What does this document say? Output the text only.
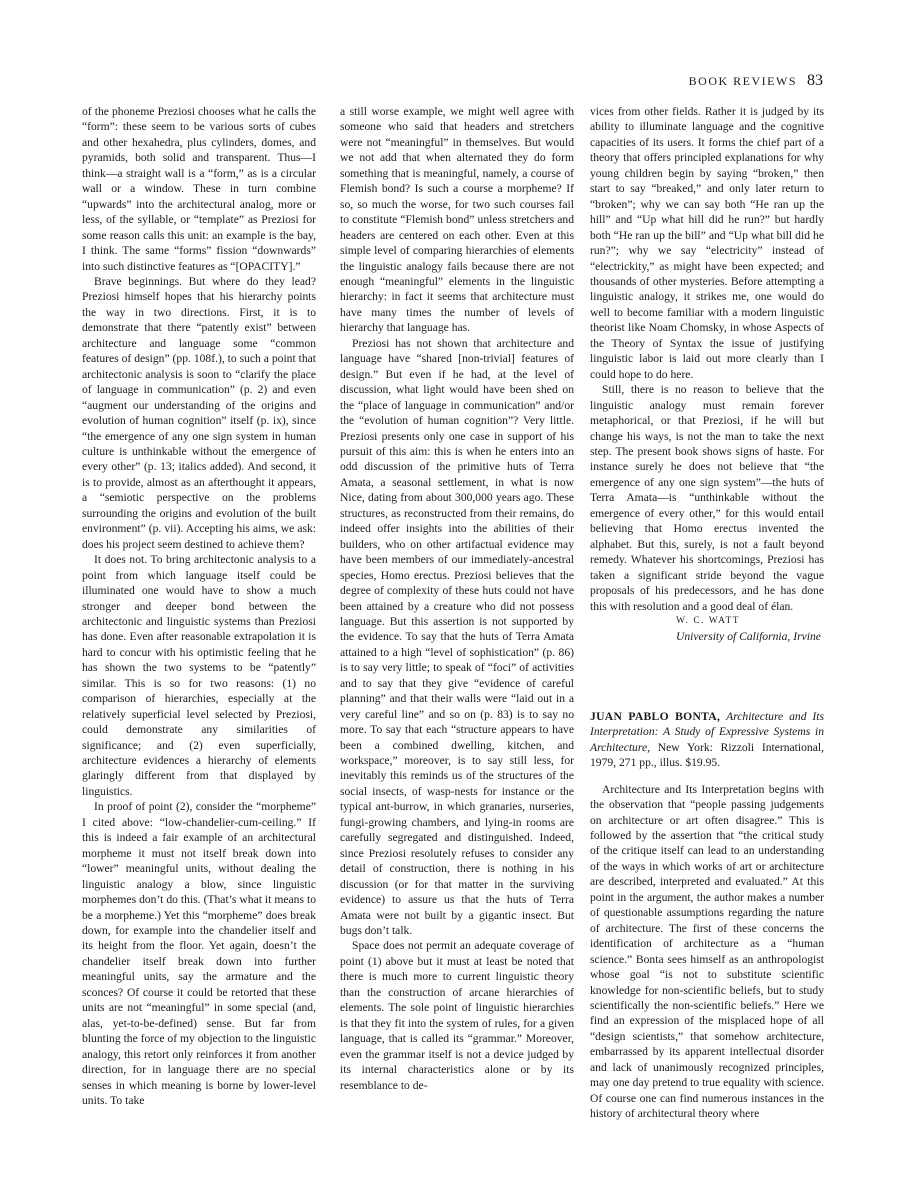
BOOK REVIEWS 83

of the phoneme Preziosi chooses what he calls the “form”: these seem to be various sorts of cubes and other hexahedra, plus cylinders, domes, and pyramids, both solid and transparent. Thus—I think—a straight wall is a “form,” as is a circular wall or a window. These in turn combine “upwards” into the architectural analog, more or less, of the syllable, or “template” as Preziosi for some reason calls this unit: an example is the bay, I think. The same “forms” fission “downwards” into such distinctive features as “[OPACITY].”

Brave beginnings. But where do they lead? Preziosi himself hopes that his hierarchy points the way in two directions. First, it is to demonstrate that there “patently exist” between architecture and language some “common features of design” (pp. 108f.), to such a point that architectonic analysis is soon to “clarify the place of language in communication” (p. 2) and even “augment our understanding of the origins and evolution of human cognition” itself (p. ix), since “the emergence of any one sign system in human culture is unthinkable without the emergence of every other” (p. 13; italics added). And second, it is to provide, almost as an afterthought it appears, a “semiotic perspective on the problems surrounding the origins and evolution of the built environment” (p. vii). Accepting his aims, we ask: does his project seem destined to achieve them?

It does not. To bring architectonic analysis to a point from which language itself could be illuminated one would have to show a much stronger and deeper bond between the architectonic and linguistic systems than Preziosi has done. Even after reasonable extrapolation it is hard to concur with his optimistic feeling that he has shown the two systems to be “patently” similar. This is so for two reasons: (1) no comparison of hierarchies, especially at the relatively superficial level selected by Preziosi, could demonstrate any similarities of significance; and (2) even superficially, architecture evidences a hierarchy of elements glaringly different from that displayed by linguistics.

In proof of point (2), consider the “morpheme” I cited above: “low-chandelier-cum-ceiling.” If this is indeed a fair example of an architectural morpheme it must not itself break down into “lower” meaningful units, without dealing the linguistic analogy a blow, since linguistic morphemes don’t do this. (That’s what it means to be a morpheme.) Yet this “morpheme” does break down, for example into the chandelier itself and its height from the floor. Yet again, doesn’t the chandelier itself break down into further meaningful units, say the armature and the sconces? Of course it could be retorted that these units are not “meaningful” in some special (and, alas, yet-to-be-defined) sense. But far from blunting the force of my objection to the linguistic analogy, this retort only reinforces it from another direction, for in language there are no special senses in which meaning is borne by lower-level units. To take

a still worse example, we might well agree with someone who said that headers and stretchers were not “meaningful” in themselves. But would we not add that when alternated they do form something that is meaningful, namely, a course of Flemish bond? Is such a course a morpheme? If so, so much the worse, for two such courses fail to constitute “Flemish bond” unless stretchers and headers are centered on each other. Even at this simple level of comparing hierarchies of elements the linguistic analogy fails because there are not enough “meaningful” elements in the linguistic hierarchy: in fact it seems that architecture must have many times the number of levels of hierarchy that language has.

Preziosi has not shown that architecture and language have “shared [non-trivial] features of design.” But even if he had, at the level of discussion, what light would have been shed on the “place of language in communication” and/or the “evolution of human cognition”? Very little. Preziosi presents only one case in support of his pursuit of this aim: this is when he enters into an odd discussion of the primitive huts of Terra Amata, a seasonal settlement, in what is now Nice, dating from about 300,000 years ago. These structures, as reconstructed from their remains, do indeed offer insights into the abilities of their builders, who on other artifactual evidence may have been members of our immediately-ancestral species, Homo erectus. Preziosi believes that the degree of complexity of these huts could not have been attained by a creature who did not possess language. But this assertion is not supported by the evidence. To say that the huts of Terra Amata attained to a high “level of sophistication” (p. 86) is to say very little; to speak of “foci” of activities and to say that they give “evidence of careful planning” and that their walls were “laid out in a very careful line” and so on (p. 83) is to say no more. To say that each “structure appears to have been a combined dwelling, kitchen, and workspace,” moreover, is to say still less, for inevitably this reminds us of the structures of the social insects, of wasp-nests for instance or the typical ant-burrow, in which granaries, nurseries, fungi-growing chambers, and lying-in rooms are carefully segregated and distinguished. Indeed, since Preziosi resolutely refuses to consider any detail of construction, there is nothing in his discussion (or for that matter in the surviving evidence) to assure us that the huts of Terra Amata were not built by a gigantic insect. But bugs don’t talk.

Space does not permit an adequate coverage of point (1) above but it must at least be noted that there is much more to current linguistic theory than the construction of arcane hierarchies of elements. The sole point of linguistic hierarchies is that they fit into the system of rules, for a given language, that is called its “grammar.” Moreover, even the grammar itself is not a device judged by its internal characteristics alone or by its resemblance to de-

vices from other fields. Rather it is judged by its ability to illuminate language and the cognitive capacities of its users. It forms the chief part of a theory that offers principled explanations for why young children begin by saying “broken,” then start to say “breaked,” and only later return to “broken”; why we can say both “He ran up the hill” and “Up what hill did he run?” but hardly both “He ran up the bill” and “Up what bill did he run?”; why we say “electricity” instead of “electrickity,” as might have been expected; and thousands of other mysteries. Before attempting a linguistic analogy, it strikes me, one would do well to become familiar with a modern linguistic theorist like Noam Chomsky, in whose Aspects of the Theory of Syntax the issue of justifying linguistic labor is laid out more clearly than I could hope to do here.

Still, there is no reason to believe that the linguistic analogy must remain forever metaphorical, or that Preziosi, if he will but change his ways, is not the man to take the next step. The present book shows signs of haste. For instance surely he does not believe that “the emergence of any one sign system”—the huts of Terra Amata—is “unthinkable without the emergence of every other,” for this would entail believing that Homo erectus invented the alphabet. But this, surely, is not a fault beyond remedy. Whatever his shortcomings, Preziosi has taken a significant stride beyond the vague proposals of his predecessors, and he has done this with resolution and a good deal of élan.

W. C. WATT

University of California, Irvine

JUAN PABLO BONTA, Architecture and Its Interpretation: A Study of Expressive Systems in Architecture, New York: Rizzoli International, 1979, 271 pp., illus. $19.95.

Architecture and Its Interpretation begins with the observation that “people passing judgements on architecture or art often disagree.” This is followed by the assertion that “the critical study of the critique itself can lead to an understanding of the ways in which works of art or architecture are described, interpreted and evaluated.” At this point in the argument, the author makes a number of questionable assumptions regarding the nature of architecture. The first of these concerns the identification of architecture as a “human science.” Bonta sees himself as an anthropologist whose goal “is not to substitute scientific knowledge for non-scientific beliefs, but to study scientifically the non-scientific beliefs.” Here we find an expression of the misplaced hope of all “design scientists,” that somehow architecture, embarrassed by its apparent intellectual disorder and lack of unanimously recognized principles, may one day pretend to true equality with science. Of course one can find numerous instances in the history of architectural theory where
